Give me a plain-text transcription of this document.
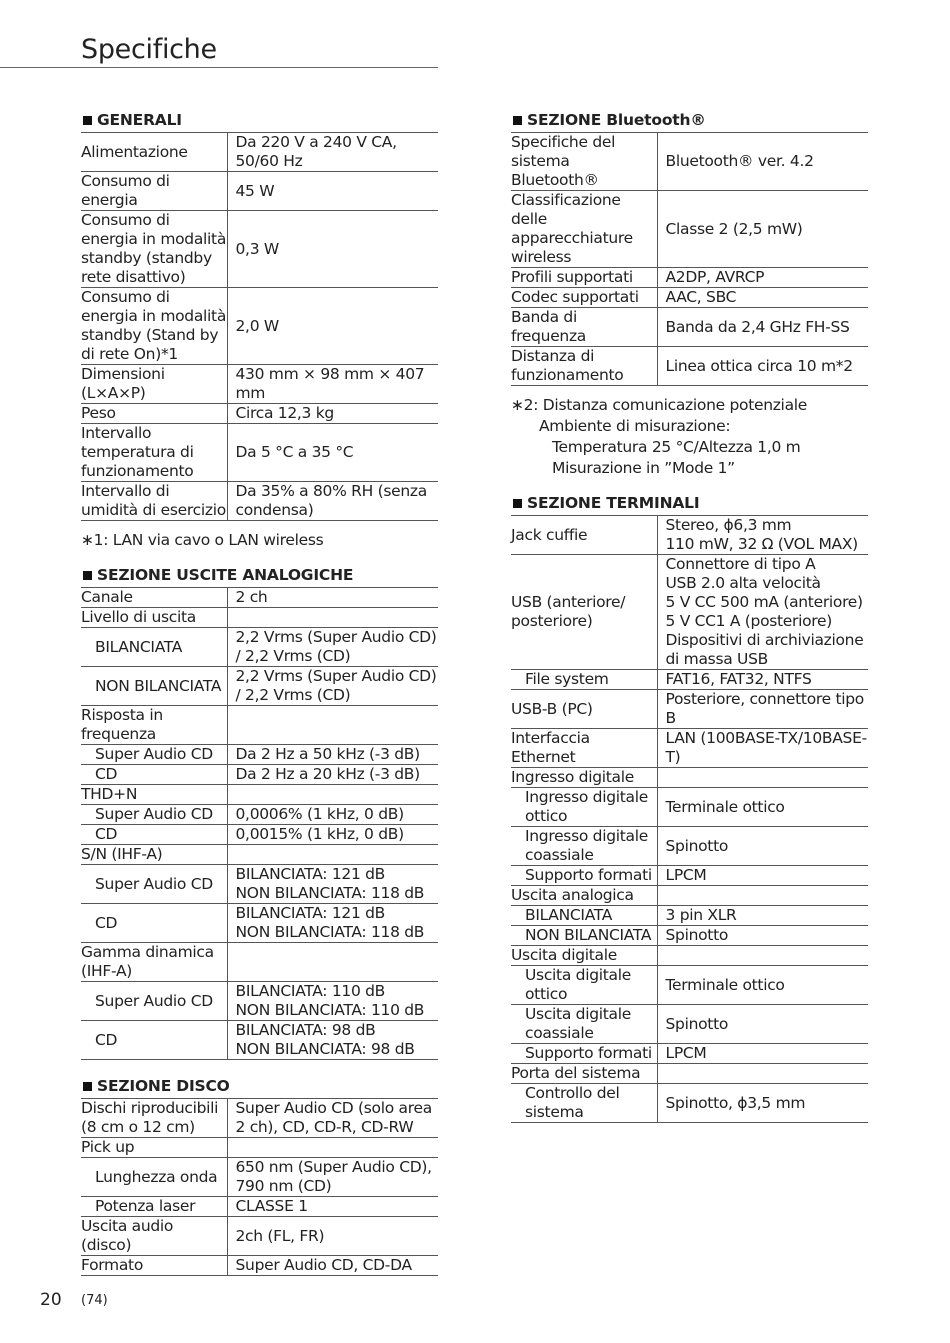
Specifiche
GENERALI
Alimentazione	Da 220 V a 240 V CA, 50/60 Hz
Consumo di energia	45 W
Consumo di energia in modalità standby (standby rete disattivo)	0,3 W
Consumo di energia in modalità standby (Stand by di rete On)*1	2,0 W
Dimensioni (L×A×P)	430 mm × 98 mm × 407 mm
Peso	Circa 12,3 kg
Intervallo temperatura di funzionamento	Da 5 °C a 35 °C
Intervallo di umidità di esercizio	Da 35% a 80% RH (senza condensa)
∗1: LAN via cavo o LAN wireless
SEZIONE USCITE ANALOGICHE
Canale	2 ch
Livello di uscita	
BILANCIATA	2,2 Vrms (Super Audio CD) / 2,2 Vrms (CD)
NON BILANCIATA	2,2 Vrms (Super Audio CD) / 2,2 Vrms (CD)
Risposta in frequenza	
Super Audio CD	Da 2 Hz a 50 kHz (-3 dB)
CD	Da 2 Hz a 20 kHz (-3 dB)
THD+N	
Super Audio CD	0,0006% (1 kHz, 0 dB)
CD	0,0015% (1 kHz, 0 dB)
S/N (IHF-A)	
Super Audio CD	BILANCIATA: 121 dB
NON BILANCIATA: 118 dB
CD	BILANCIATA: 121 dB
NON BILANCIATA: 118 dB
Gamma dinamica (IHF-A)	
Super Audio CD	BILANCIATA: 110 dB
NON BILANCIATA: 110 dB
CD	BILANCIATA: 98 dB
NON BILANCIATA: 98 dB
SEZIONE DISCO
Dischi riproducibili (8 cm o 12 cm)	Super Audio CD (solo area 2 ch), CD, CD-R, CD-RW
Pick up	
Lunghezza onda	650 nm (Super Audio CD), 790 nm (CD)
Potenza laser	CLASSE 1
Uscita audio (disco)	2ch (FL, FR)
Formato	Super Audio CD, CD-DA
SEZIONE Bluetooth®
Specifiche del sistema Bluetooth®	Bluetooth® ver. 4.2
Classificazione delle apparecchiature wireless	Classe 2 (2,5 mW)
Profili supportati	A2DP, AVRCP
Codec supportati	AAC, SBC
Banda di frequenza	Banda da 2,4 GHz FH-SS
Distanza di funzionamento	Linea ottica circa 10 m*2
∗2: Distanza comunicazione potenziale
Ambiente di misurazione:
Temperatura 25 °C/Altezza 1,0 m
Misurazione in ”Mode 1”
SEZIONE TERMINALI
Jack cuffie	Stereo, ϕ6,3 mm
110 mW, 32 Ω (VOL MAX)
USB (anteriore/ posteriore)	Connettore di tipo A
USB 2.0 alta velocità
5 V CC 500 mA (anteriore)
5 V CC1 A (posteriore)
Dispositivi di archiviazione di massa USB
File system	FAT16, FAT32, NTFS
USB-B (PC)	Posteriore, connettore tipo B
Interfaccia Ethernet	LAN (100BASE-TX/10BASE-T)
Ingresso digitale	
Ingresso digitale ottico	Terminale ottico
Ingresso digitale coassiale	Spinotto
Supporto formati	LPCM
Uscita analogica	
BILANCIATA	3 pin XLR
NON BILANCIATA	Spinotto
Uscita digitale	
Uscita digitale ottico	Terminale ottico
Uscita digitale coassiale	Spinotto
Supporto formati	LPCM
Porta del sistema	
Controllo del sistema	Spinotto, ϕ3,5 mm
20 (74)
